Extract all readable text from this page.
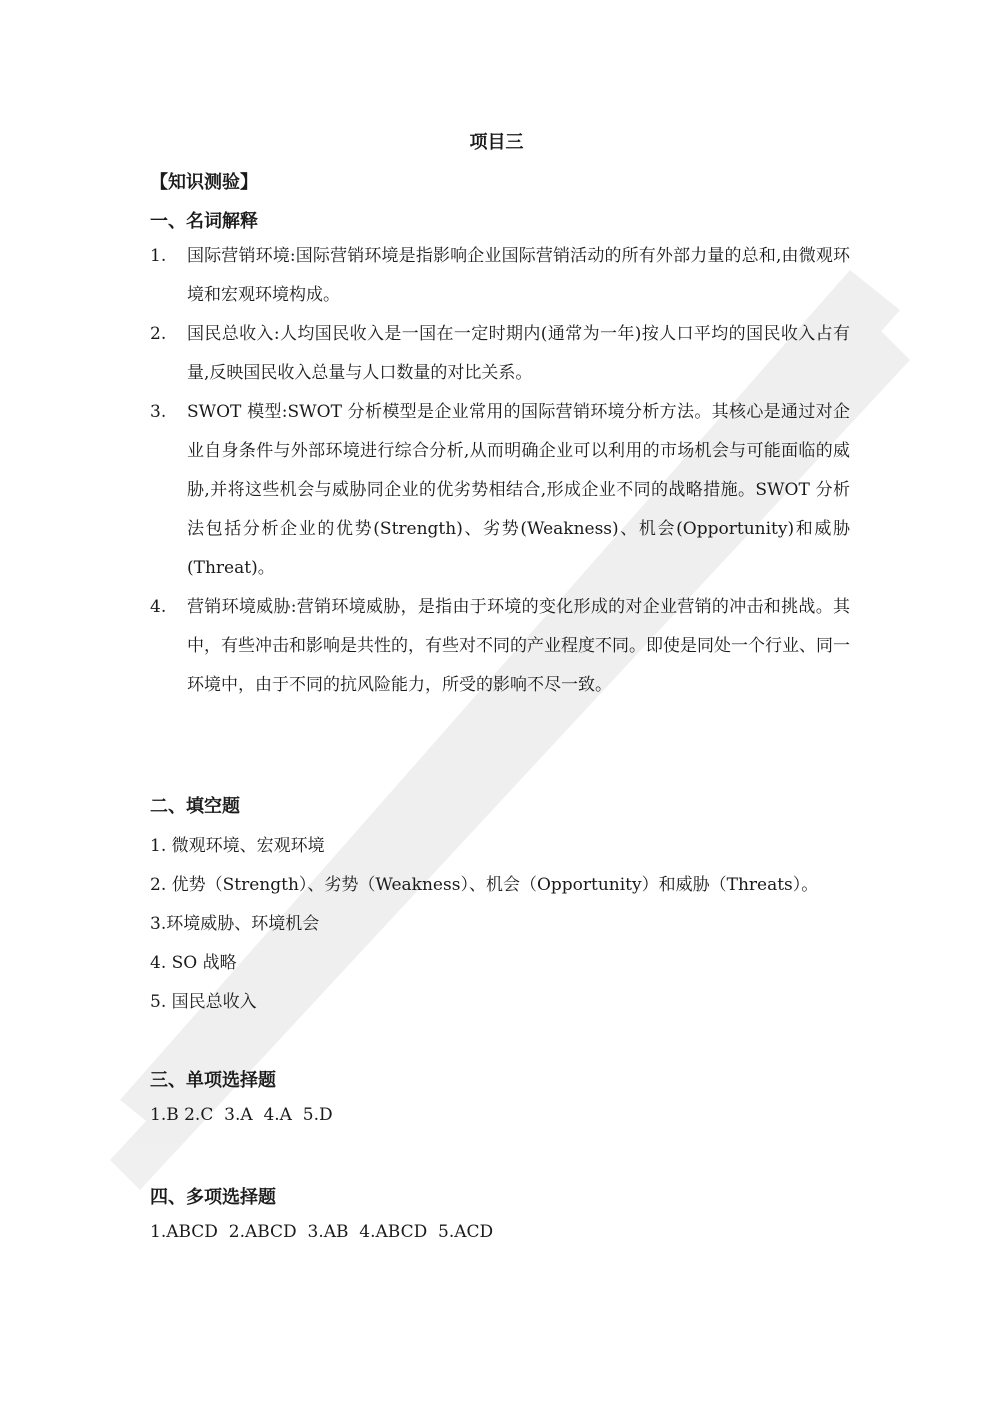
项目三
【知识测验】
一、名词解释
1. 国际营销环境:国际营销环境是指影响企业国际营销活动的所有外部力量的总和,由微观环境和宏观环境构成。
2. 国民总收入:人均国民收入是一国在一定时期内(通常为一年)按人口平均的国民收入占有量,反映国民收入总量与人口数量的对比关系。
3. SWOT 模型:SWOT 分析模型是企业常用的国际营销环境分析方法。其核心是通过对企业自身条件与外部环境进行综合分析,从而明确企业可以利用的市场机会与可能面临的威胁,并将这些机会与威胁同企业的优劣势相结合,形成企业不同的战略措施。SWOT 分析法包括分析企业的优势(Strength)、劣势(Weakness)、机会(Opportunity)和威胁(Threat)。
4. 营销环境威胁:营销环境威胁，是指由于环境的变化形成的对企业营销的冲击和挑战。其中，有些冲击和影响是共性的，有些对不同的产业程度不同。即使是同处一个行业、同一环境中，由于不同的抗风险能力，所受的影响不尽一致。
二、填空题
1. 微观环境、宏观环境
2. 优势（Strength）、劣势（Weakness）、机会（Opportunity）和威胁（Threats）。
3.环境威胁、环境机会
4. SO 战略
5. 国民总收入
三、单项选择题
1.B 2.C  3.A  4.A  5.D
四、多项选择题
1.ABCD  2.ABCD  3.AB  4.ABCD  5.ACD
